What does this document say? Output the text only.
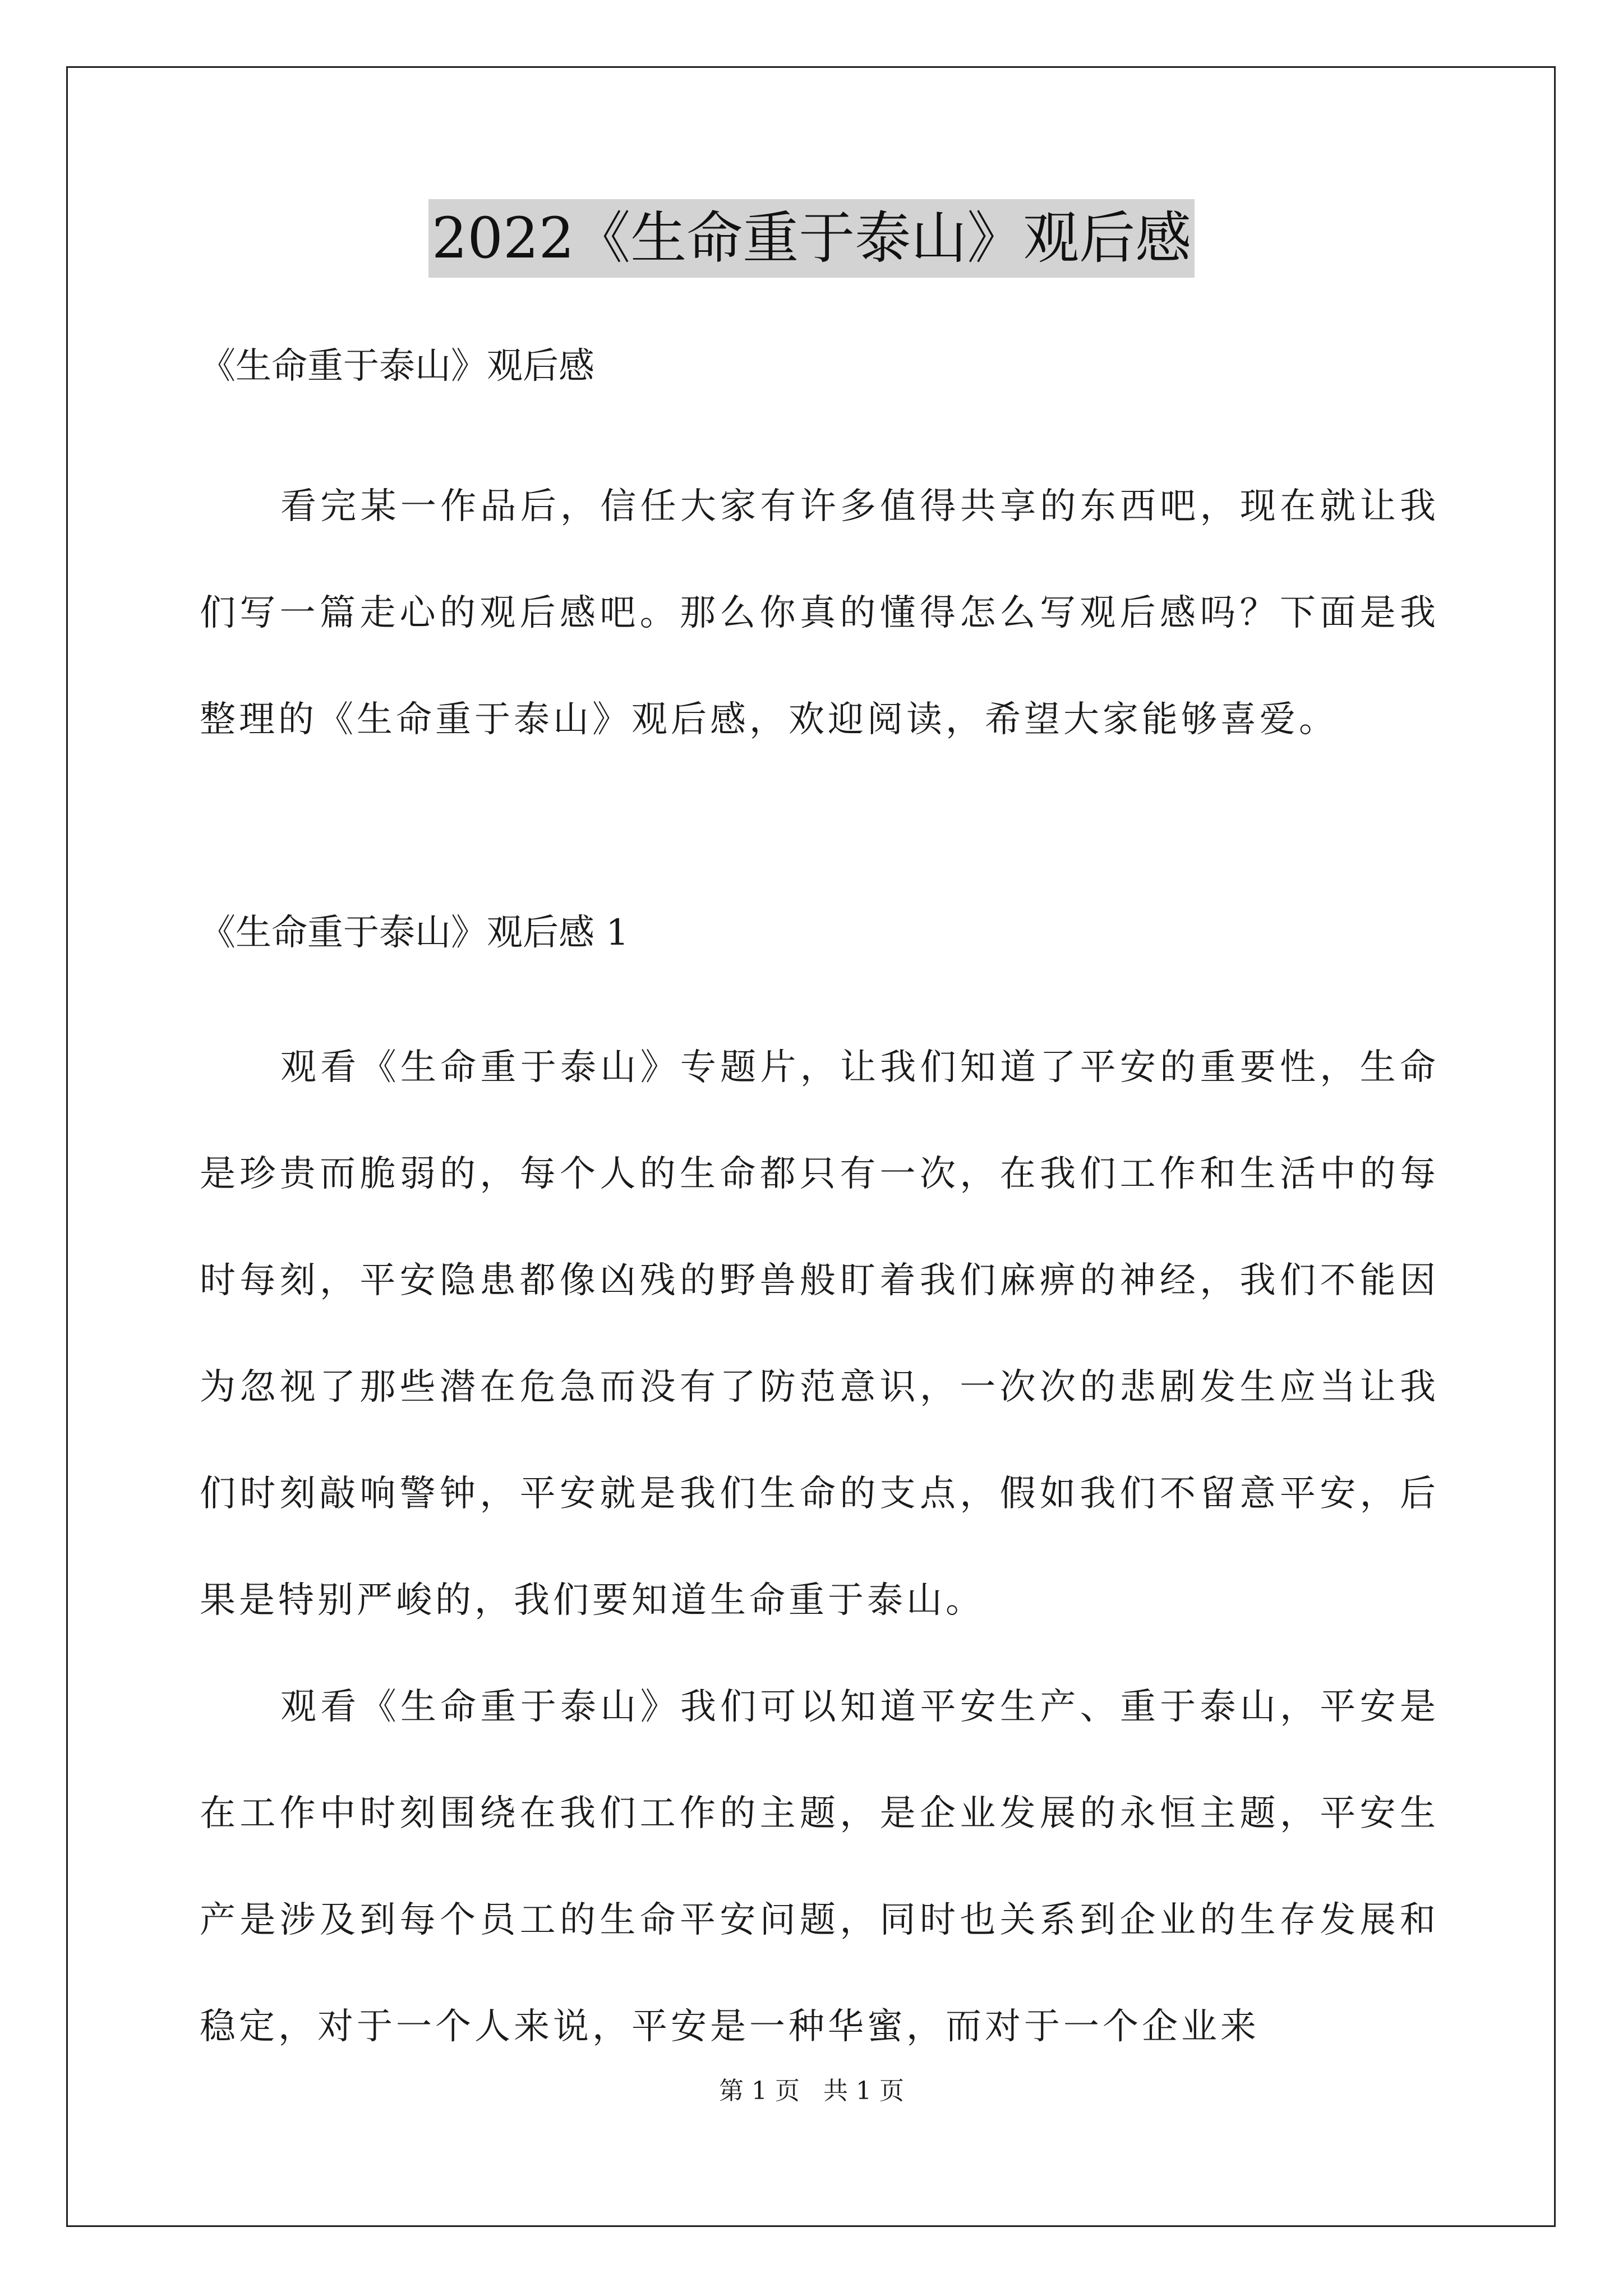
2022《生命重于泰山》观后感

《生命重于泰山》观后感

看完某一作品后，信任大家有许多值得共享的东西吧，现在就让我们写一篇走心的观后感吧。那么你真的懂得怎么写观后感吗？下面是我整理的《生命重于泰山》观后感，欢迎阅读，希望大家能够喜爱。

《生命重于泰山》观后感 1

观看《生命重于泰山》专题片，让我们知道了平安的重要性，生命是珍贵而脆弱的，每个人的生命都只有一次，在我们工作和生活中的每时每刻，平安隐患都像凶残的野兽般盯着我们麻痹的神经，我们不能因为忽视了那些潜在危急而没有了防范意识，一次次的悲剧发生应当让我们时刻敲响警钟，平安就是我们生命的支点，假如我们不留意平安，后果是特别严峻的，我们要知道生命重于泰山。

观看《生命重于泰山》我们可以知道平安生产、重于泰山，平安是在工作中时刻围绕在我们工作的主题，是企业发展的永恒主题，平安生产是涉及到每个员工的生命平安问题，同时也关系到企业的生存发展和稳定，对于一个人来说，平安是一种华蜜，而对于一个企业来

第 1 页 共 1 页
